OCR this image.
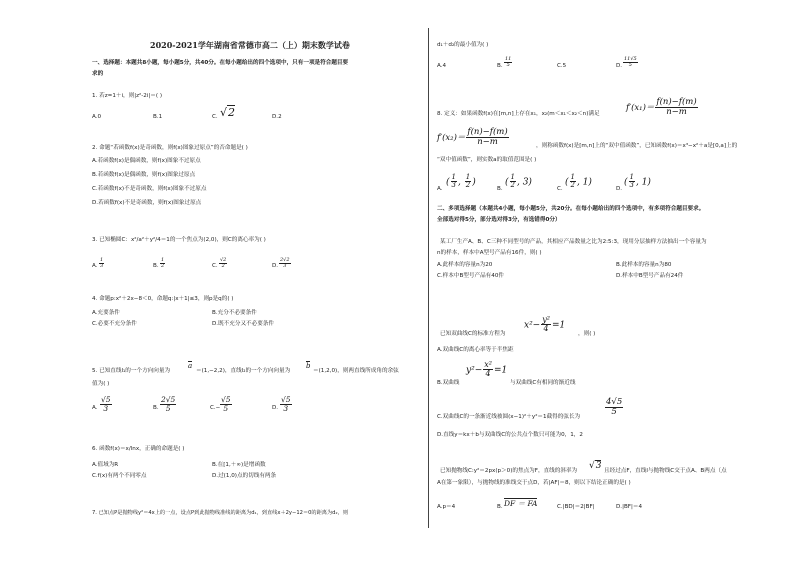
2020-2021学年湖南省常德市高二（上）期末数学试卷
一、选择题：本题共8小题，每小题5分，共40分。在每小题给出的四个选项中，只有一项是符合题目要
求的
1. 若z=1＋i，则|z²-2i|＝( )
A.0	B.1	C. √2	D.2
2. 命题“若函数f(x)是奇函数，则f(x)图象过原点”的否命题是( )
A.若函数f(x)是偶函数，则f(x)图象不过原点
B.若函数f(x)是偶函数，则f(x)图象过原点
C.若函数f(x)不是奇函数，则f(x)图象不过原点
D.若函数f(x)不是奇函数，则f(x)图象过原点
3. 已知椭圆C：x²/a²＋y²/4＝1的一个焦点为(2,0)，则C的离心率为( )
A. $\frac{1}{3}$	B. $\frac{1}{2}$	C. $\frac{√2}{2}$	D. $\frac{2√2}{3}$
4. 命题p:x²＋2x−8＜0，命题q:|x＋1|≤3，则p是q的( )
A.充要条件	B.充分不必要条件
C.必要不充分条件	D.既不充分又不必要条件
5. 已知直线l₁的一个方向向量为
a
＝(1,−2,2)，直线l₂的一个方向向量为
b
＝(1,2,0)，则两直线所成角的余弦
值为( )
A. $\frac{√5}{3}$	B. $\frac{2√5}{5}$	$C.- \frac{√5}{5}$	D. $\frac{√5}{3}$
6. 函数f(x)＝x/lnx，正确的命题是( )
A.值域为R	B.在[1,＋∞)是增函数
C.f(x)有两个不同零点	D.过(1,0)点的切线有两条
7. 已知点P是抛物线y²＝4x上的一点，设点P到此抛物线准线的距离为d₁，到直线x＋2y−12＝0的距离为d₂，则
d₁＋d₂的最小值为( )
A.4	B. $\frac{11}{5}$	C.5	D. $\frac{11√5}{5}$
8. 定义：如果函数f(x)在[m,n]上存在x₁，x₂(m＜x₁＜x₂＜n)满足
$f'(x_1)= \frac{f(n)-f(m)}{n-m}$
$f'(x_2)= \frac{f(n)-f(m)}{n-m}$	，则称函数f(x)是[m,n]上的“双中值函数”，已知函数f(x)＝x³−x²＋a是[0,a]上的
“双中值函数”，则实数a的取值范围是( )
A.
( $\frac{1}{3}$ , $\frac{1}{2}$ )
B.
( $\frac{1}{2}$ , 3)
C.
( $\frac{1}{2}$ , 1)
D.
( $\frac{1}{3}$ , 1)
二、多项选择题（本题共4小题，每小题5分，共20分。在每小题给出的四个选项中，有多项符合题目要求。
全部选对得5分，部分选对得3分，有选错得0分）
某工厂生产A、B、C三种不同型号的产品，其相应产品数量之比为2:5:3，现用分层抽样方法抽出一个容量为
n的样本，样本中A型号产品有16件，则( )
A.此样本的容量n为20	B.此样本的容量n为80
C.样本中B型号产品有40件	D.样本中B型号产品有24件
已知双曲线C的标准方程为
$x^2- \frac{\text{y²}}{4} =1$
，则( )
A.双曲线C的离心率等于半焦距
B.双曲线
$y^2- \frac{\text{x²}}{4} =1$
与双曲线C有相同的渐近线
C.双曲线C的一条渐近线被圆(x−1)²＋y²＝1截得的弦长为
$\frac{4√5}{5}$
D.直线y＝kx＋b与双曲线C的公共点个数只可能为0，1，2
已知抛物线C:y²＝2px(p＞0)的焦点为F，直线的斜率为 √3 且经过点F，直线l与抛物线C交于点A、B两点（点
A在第一象限），与抛物线的准线交于点D，若|AF|＝8，则以下结论正确的是( )
A.p＝4	B. DF ＝ FA	C.|BD|＝2|BF|	D.|BF|＝4
